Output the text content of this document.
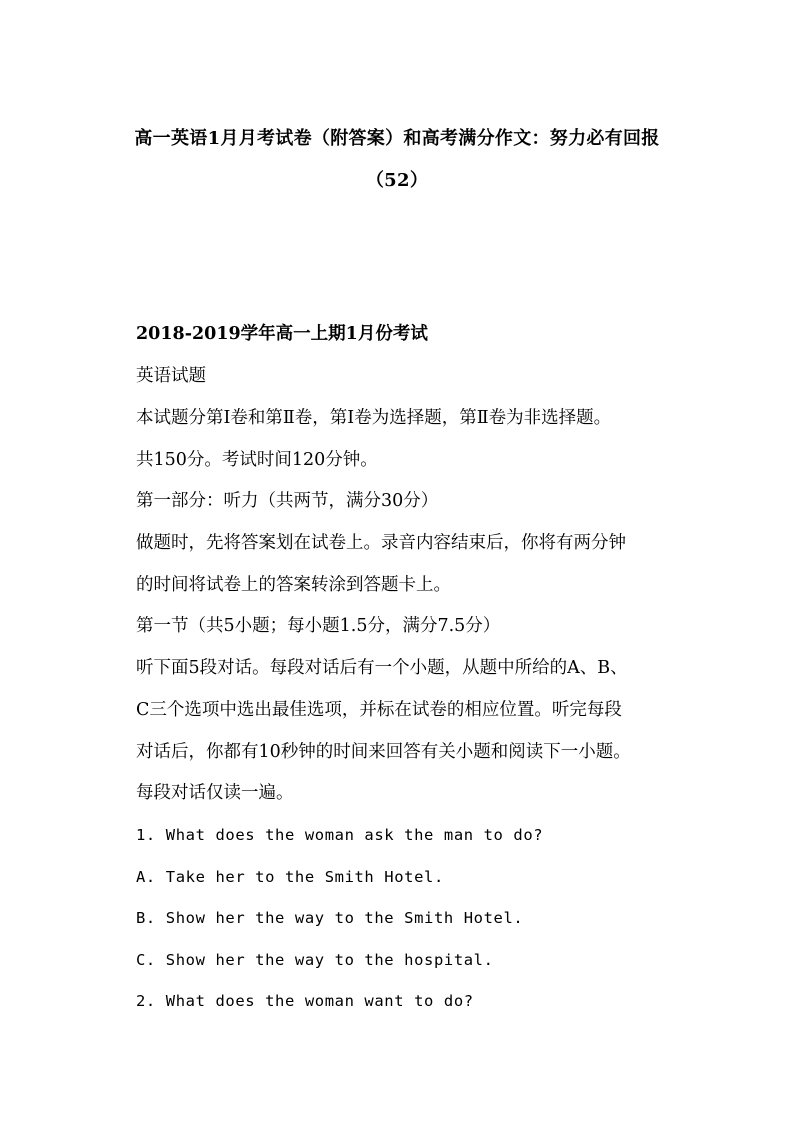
高一英语1月月考试卷（附答案）和高考满分作文：努力必有回报
（52）
2018-2019学年高一上期1月份考试
英语试题
本试题分第Ⅰ卷和第Ⅱ卷，第Ⅰ卷为选择题，第Ⅱ卷为非选择题。
共150分。考试时间120分钟。
第一部分：听力（共两节，满分30分）
做题时，先将答案划在试卷上。录音内容结束后，你将有两分钟
的时间将试卷上的答案转涂到答题卡上。
第一节（共5小题；每小题1.5分，满分7.5分）
听下面5段对话。每段对话后有一个小题，从题中所给的A、B、
C三个选项中选出最佳选项，并标在试卷的相应位置。听完每段
对话后，你都有10秒钟的时间来回答有关小题和阅读下一小题。
每段对话仅读一遍。
1. What does the woman ask the man to do?
A. Take her to the Smith Hotel.
B. Show her the way to the Smith Hotel.
C. Show her the way to the hospital.
2. What does the woman want to do?
